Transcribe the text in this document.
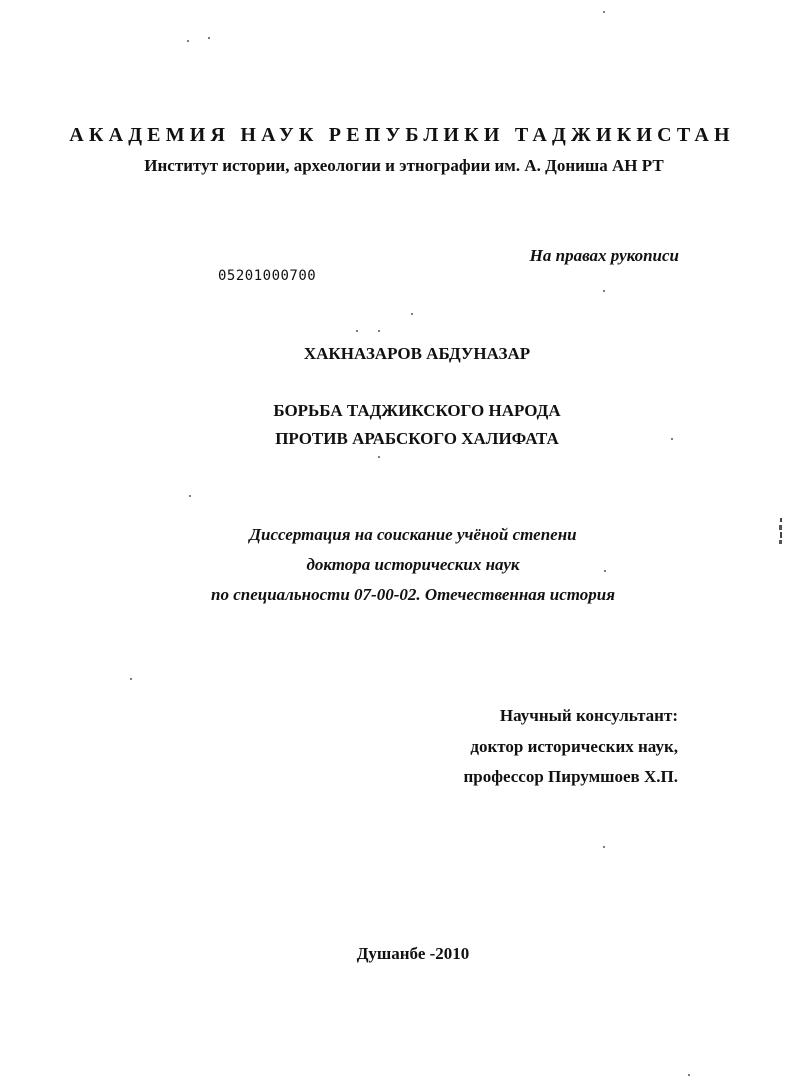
АКАДЕМИЯ НАУК РЕПУБЛИКИ ТАДЖИКИСТАН
Институт истории, археологии и этнографии им. А. Дониша АН РТ
На правах рукописи
05201000700
ХАКНАЗАРОВ АБДУНАЗАР
БОРЬБА ТАДЖИКСКОГО НАРОДА
ПРОТИВ АРАБСКОГО ХАЛИФАТА
Диссертация на соискание учёной степени
доктора исторических наук
по специальности 07-00-02. Отечественная история
Научный консультант:
доктор исторических наук,
профессор Пирумшоев Х.П.
Душанбе -2010
